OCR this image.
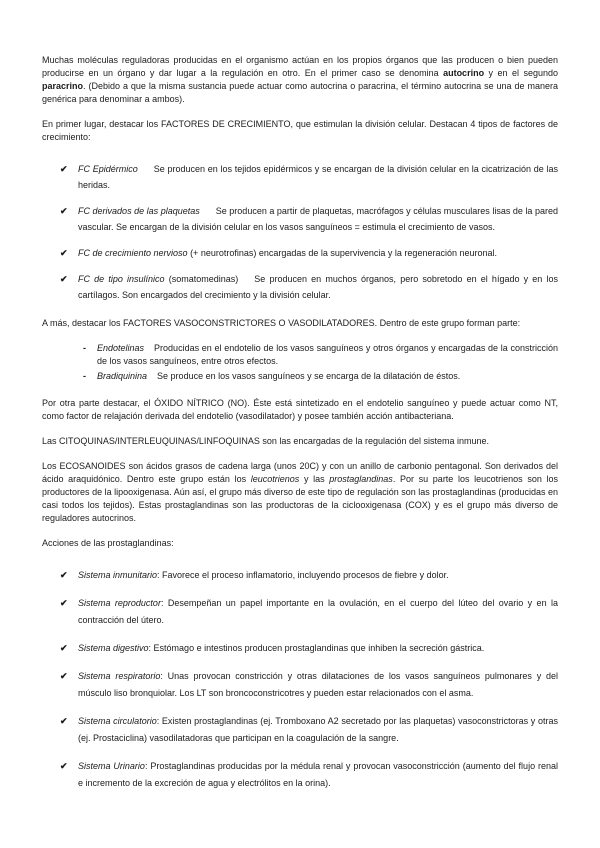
Muchas moléculas reguladoras producidas en el organismo actúan en los propios órganos que las producen o bien pueden producirse en un órgano y dar lugar a la regulación en otro. En el primer caso se denomina autocrino y en el segundo paracrino. (Debido a que la misma sustancia puede actuar como autocrina o paracrina, el término autocrina se una de manera genérica para denominar a ambos).

En primer lugar, destacar los FACTORES DE CRECIMIENTO, que estimulan la división celular. Destacan 4 tipos de factores de crecimiento:

✔ FC Epidérmico Se producen en los tejidos epidérmicos y se encargan de la división celular en la cicatrización de las heridas.
✔ FC derivados de las plaquetas Se producen a partir de plaquetas, macrófagos y células musculares lisas de la pared vascular. Se encargan de la división celular en los vasos sanguíneos = estimula el crecimiento de vasos.
✔ FC de crecimiento nervioso (+ neurotrofinas) encargadas de la supervivencia y la regeneración neuronal.
✔ FC de tipo insulínico (somatomedinas) Se producen en muchos órganos, pero sobretodo en el hígado y en los cartílagos. Son encargados del crecimiento y la división celular.

A más, destacar los FACTORES VASOCONSTRICTORES O VASODILATADORES. Dentro de este grupo forman parte:

- Endotelinas Producidas en el endotelio de los vasos sanguíneos y otros órganos y encargadas de la constricción de los vasos sanguíneos, entre otros efectos.
- Bradiquinina Se produce en los vasos sanguíneos y se encarga de la dilatación de éstos.

Por otra parte destacar, el ÓXIDO NÍTRICO (NO). Éste está sintetizado en el endotelio sanguíneo y puede actuar como NT, como factor de relajación derivada del endotelio (vasodilatador) y posee también acción antibacteriana.

Las CITOQUINAS/INTERLEUQUINAS/LINFOQUINAS son las encargadas de la regulación del sistema inmune.

Los ECOSANOIDES son ácidos grasos de cadena larga (unos 20C) y con un anillo de carbonio pentagonal. Son derivados del ácido araquidónico. Dentro este grupo están los leucotrienos y las prostaglandinas. Por su parte los leucotrienos son los productores de la lipooxigenasa. Aún así, el grupo más diverso de este tipo de regulación son las prostaglandinas (producidas en casi todos los tejidos). Estas prostaglandinas son las productoras de la ciclooxigenasa (COX) y es el grupo más diverso de reguladores autocrinos.

Acciones de las prostaglandinas:

✔ Sistema inmunitario: Favorece el proceso inflamatorio, incluyendo procesos de fiebre y dolor.
✔ Sistema reproductor: Desempeñan un papel importante en la ovulación, en el cuerpo del lúteo del ovario y en la contracción del útero.
✔ Sistema digestivo: Estómago e intestinos producen prostaglandinas que inhiben la secreción gástrica.
✔ Sistema respiratorio: Unas provocan constricción y otras dilataciones de los vasos sanguíneos pulmonares y del músculo liso bronquiolar. Los LT son broncoconstricotres y pueden estar relacionados con el asma.
✔ Sistema circulatorio: Existen prostaglandinas (ej. Tromboxano A2 secretado por las plaquetas) vasoconstrictoras y otras (ej. Prostaciclina) vasodilatadoras que participan en la coagulación de la sangre.
✔ Sistema Urinario: Prostaglandinas producidas por la médula renal y provocan vasoconstricción (aumento del flujo renal e incremento de la excreción de agua y electrólitos en la orina).
